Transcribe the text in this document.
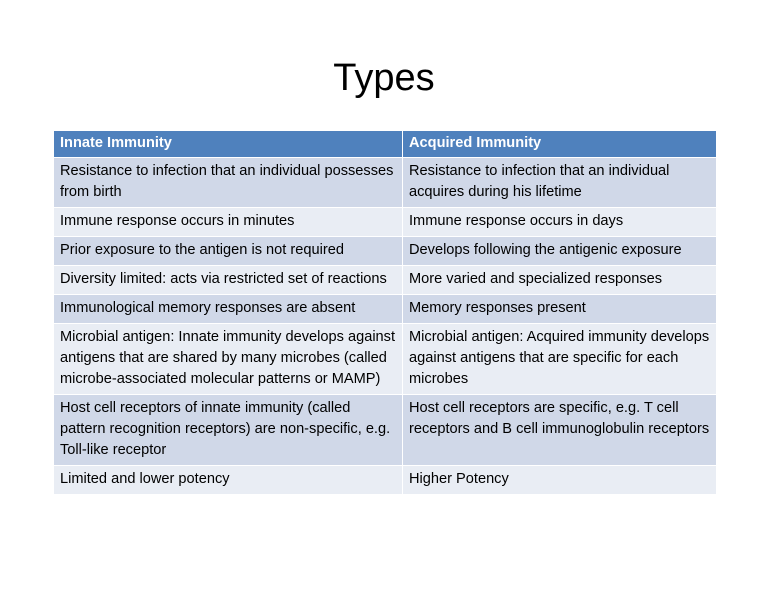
Types
Innate Immunity	Acquired Immunity
Resistance to infection that an individual possesses from birth	Resistance to infection that an individual acquires during his lifetime
Immune response occurs in minutes	Immune response occurs in days
Prior exposure to the antigen is not required	Develops following the antigenic exposure
Diversity limited: acts via restricted set of reactions	More varied and specialized responses
Immunological memory responses are absent	Memory responses present
Microbial antigen: Innate immunity develops against antigens that are shared by many microbes (called microbe-associated molecular patterns or MAMP)	Microbial antigen: Acquired immunity develops against antigens that are specific for each microbes
Host cell receptors of innate immunity (called pattern recognition receptors) are non-specific, e.g. Toll-like receptor	Host cell receptors are specific, e.g. T cell receptors and B cell immunoglobulin receptors
Limited and lower potency	Higher Potency
